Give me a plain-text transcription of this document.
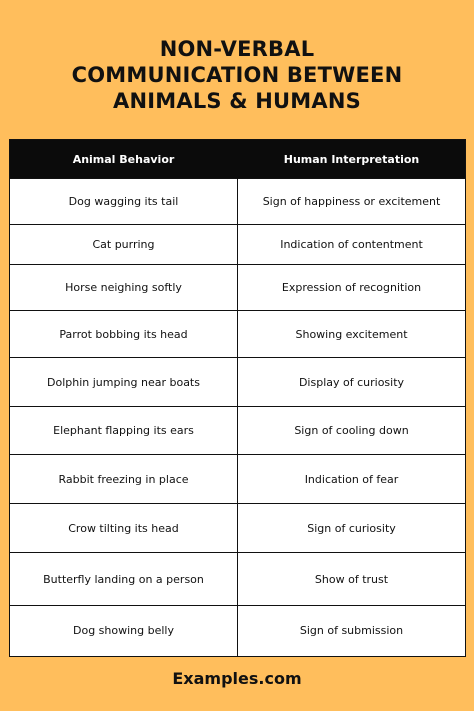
NON-VERBAL
COMMUNICATION BETWEEN
ANIMALS & HUMANS
Animal Behavior	Human Interpretation
Dog wagging its tail	Sign of happiness or excitement
Cat purring	Indication of contentment
Horse neighing softly	Expression of recognition
Parrot bobbing its head	Showing excitement
Dolphin jumping near boats	Display of curiosity
Elephant flapping its ears	Sign of cooling down
Rabbit freezing in place	Indication of fear
Crow tilting its head	Sign of curiosity
Butterfly landing on a person	Show of trust
Dog showing belly	Sign of submission
Examples.com
